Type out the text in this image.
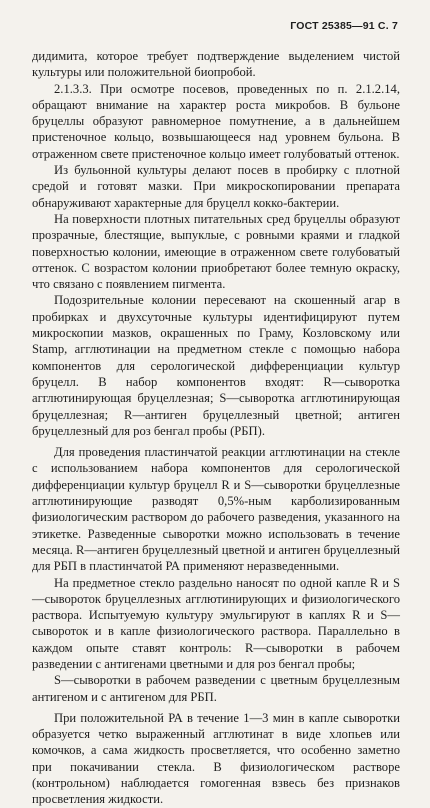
ГОСТ 25385—91 С. 7

дидимита, которое требует подтверждение выделением чистой культуры или положительной биопробой.

2.1.3.3. При осмотре посевов, проведенных по п. 2.1.2.14, обращают внимание на характер роста микробов. В бульоне бруцеллы образуют равномерное помутнение, а в дальнейшем пристеночное кольцо, возвышающееся над уровнем бульона. В отраженном свете пристеночное кольцо имеет голубоватый оттенок.

Из бульонной культуры делают посев в пробирку с плотной средой и готовят мазки. При микроскопировании препарата обнаруживают характерные для бруцелл кокко-бактерии.

На поверхности плотных питательных сред бруцеллы образуют прозрачные, блестящие, выпуклые, с ровными краями и гладкой поверхностью колонии, имеющие в отраженном свете голубоватый оттенок. С возрастом колонии приобретают более темную окраску, что связано с появлением пигмента.

Подозрительные колонии пересевают на скошенный агар в пробирках и двухсуточные культуры идентифицируют путем микроскопии мазков, окрашенных по Граму, Козловскому или Stamp, агглютинации на предметном стекле с помощью набора компонентов для серологической дифференциации культур бруцелл. В набор компонентов входят: R—сыворотка агглютинирующая бруцеллезная; S—сыворотка агглютинирующая бруцеллезная; R—антиген бруцеллезный цветной; антиген бруцеллезный для роз бенгал пробы (РБП).

Для проведения пластинчатой реакции агглютинации на стекле с использованием набора компонентов для серологической дифференциации культур бруцелл R и S—сыворотки бруцеллезные агглютинирующие разводят 0,5%-ным карболизированным физиологическим раствором до рабочего разведения, указанного на этикетке. Разведенные сыворотки можно использовать в течение месяца. R—антиген бруцеллезный цветной и антиген бруцеллезный для РБП в пластинчатой РА применяют неразведенными.

На предметное стекло раздельно наносят по одной капле R и S—сывороток бруцеллезных агглютинирующих и физиологического раствора. Испытуемую культуру эмульгируют в каплях R и S—сывороток и в капле физиологического раствора. Параллельно в каждом опыте ставят контроль: R—сыворотки в рабочем разведении с антигенами цветными и для роз бенгал пробы;

S—сыворотки в рабочем разведении с цветным бруцеллезным антигеном и с антигеном для РБП.

При положительной РА в течение 1—3 мин в капле сыворотки образуется четко выраженный агглютинат в виде хлопьев или комочков, а сама жидкость просветляется, что особенно заметно при покачивании стекла. В физиологическом растворе (контрольном) наблюдается гомогенная взвесь без признаков просветления жидкости.
